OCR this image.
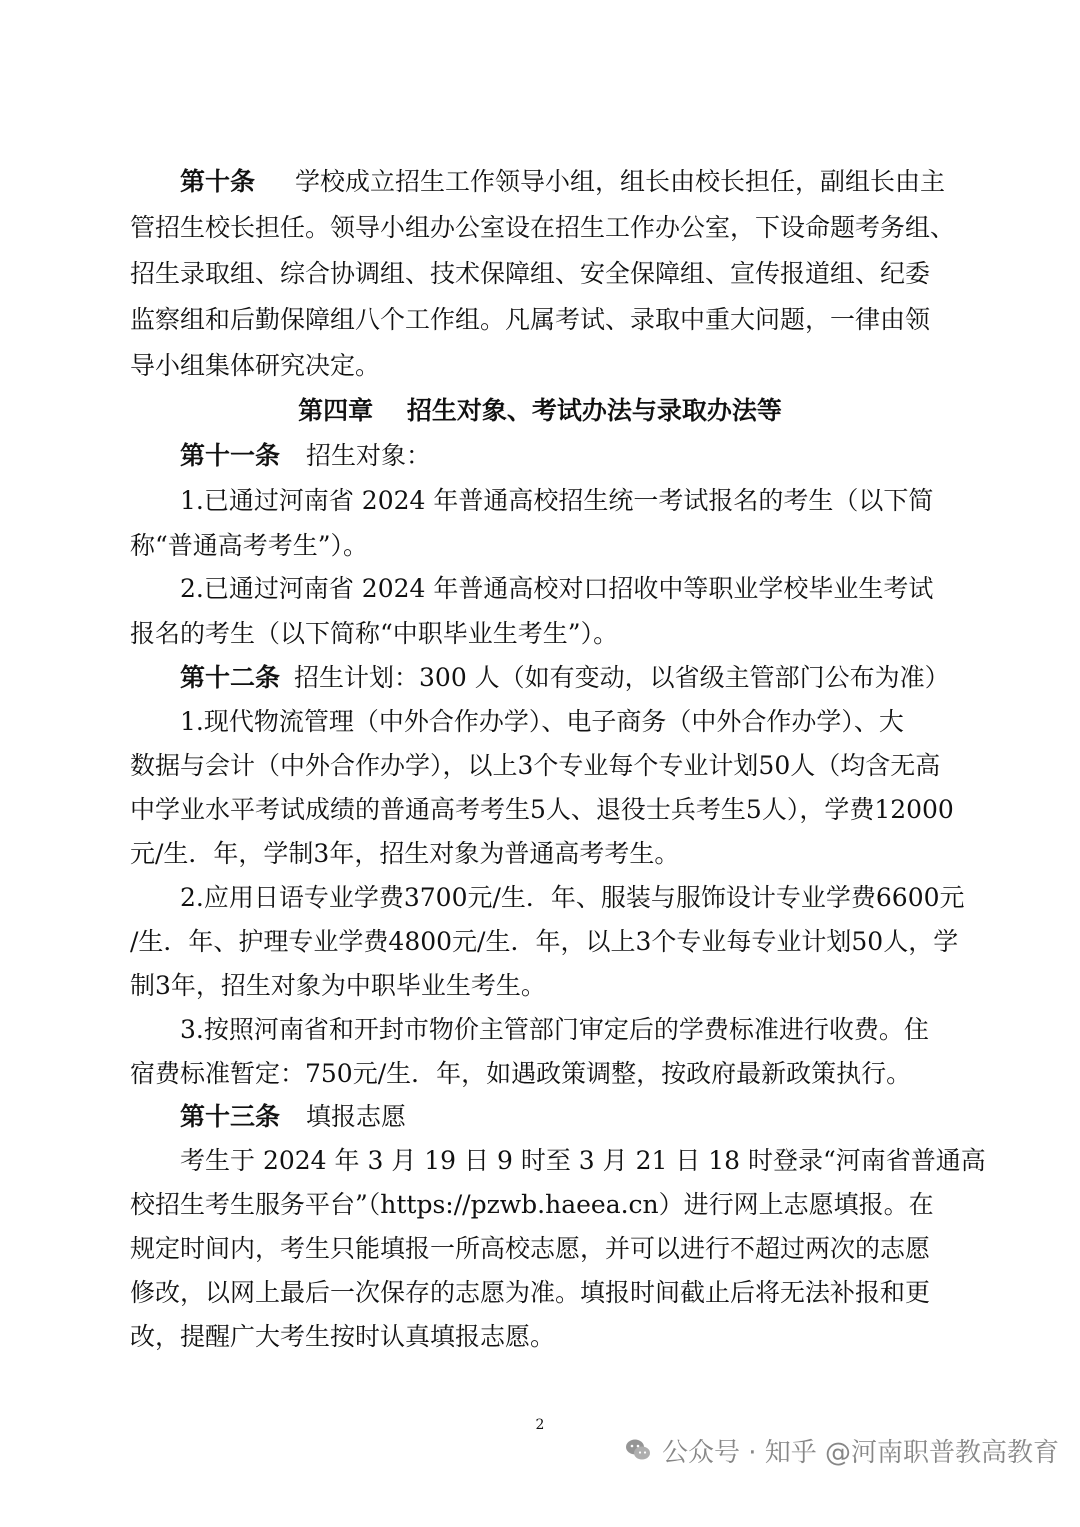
第十条 学校成立招生工作领导小组，组长由校长担任，副组长由主
管招生校长担任。领导小组办公室设在招生工作办公室，下设命题考务组、
招生录取组、综合协调组、技术保障组、安全保障组、宣传报道组、纪委
监察组和后勤保障组八个工作组。凡属考试、录取中重大问题，一律由领
导小组集体研究决定。
第四章　 招生对象、考试办法与录取办法等
第十一条 招生对象：
1.已通过河南省 2024 年普通高校招生统一考试报名的考生（以下简
称“普通高考考生”）。
2.已通过河南省 2024 年普通高校对口招收中等职业学校毕业生考试
报名的考生（以下简称“中职毕业生考生”）。
第十二条 招生计划：300 人（如有变动，以省级主管部门公布为准）
1.现代物流管理（中外合作办学）、电子商务（中外合作办学）、大
数据与会计（中外合作办学），以上3个专业每个专业计划50人（均含无高
中学业水平考试成绩的普通高考考生5人、退役士兵考生5人），学费12000
元/生．年，学制3年，招生对象为普通高考考生。
2.应用日语专业学费3700元/生．年、服装与服饰设计专业学费6600元
/生．年、护理专业学费4800元/生．年，以上3个专业每专业计划50人，学
制3年，招生对象为中职毕业生考生。
3.按照河南省和开封市物价主管部门审定后的学费标准进行收费。住
宿费标准暂定：750元/生．年，如遇政策调整，按政府最新政策执行。
第十三条 填报志愿
考生于 2024 年 3 月 19 日 9 时至 3 月 21 日 18 时登录“河南省普通高
校招生考生服务平台”（https://pzwb.haeea.cn）进行网上志愿填报。在
规定时间内，考生只能填报一所高校志愿，并可以进行不超过两次的志愿
修改，以网上最后一次保存的志愿为准。填报时间截止后将无法补报和更
改，提醒广大考生按时认真填报志愿。
2
公众号 · 知乎 @河南职普教高教育
